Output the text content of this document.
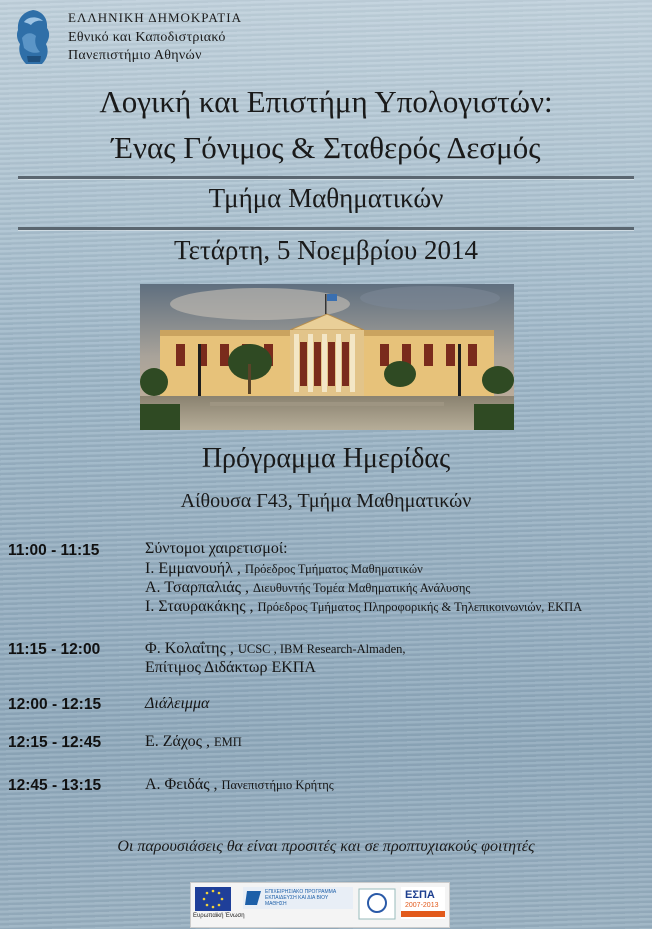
ΕΛΛΗΝΙΚΗ ΔΗΜΟΚΡΑΤΙΑ
Εθνικό και Καποδιστριακό
Πανεπιστήμιο Αθηνών
Λογική και Επιστήμη Υπολογιστών:
Ένας Γόνιμος & Σταθερός Δεσμός
Τμήμα Μαθηματικών
Τετάρτη, 5 Νοεμβρίου 2014
Πρόγραμμα Ημερίδας
Αίθουσα Γ43, Τμήμα Μαθηματικών
11:00 - 11:15	Σύντομοι χαιρετισμοί:
Ι. Εμμανουήλ , Πρόεδρος Τμήματος Μαθηματικών
Α. Τσαρπαλιάς , Διευθυντής Τομέα Μαθηματικής Ανάλυσης
Ι. Σταυρακάκης , Πρόεδρος Τμήματος Πληροφορικής & Τηλεπικοινωνιών, ΕΚΠΑ
11:15 - 12:00	Φ. Κολαΐτης , UCSC , IBM Research-Almaden,
Επίτιμος Διδάκτωρ ΕΚΠΑ
12:00 - 12:15	Διάλειμμα
12:15 - 12:45	Ε. Ζάχος , ΕΜΠ
12:45 - 13:15	Α. Φειδάς , Πανεπιστήμιο Κρήτης
Οι παρουσιάσεις θα είναι προσιτές και σε προπτυχιακούς φοιτητές
Ευρωπαϊκή Ένωση
ΕΠΙΧΕΙΡΗΣΙΑΚΟ ΠΡΟΓΡΑΜΜΑ ΕΚΠΑΙΔΕΥΣΗ ΚΑΙ ΔΙΑ ΒΙΟΥ ΜΑΘΗΣΗ
ΕΣΠΑ
2007-2013
